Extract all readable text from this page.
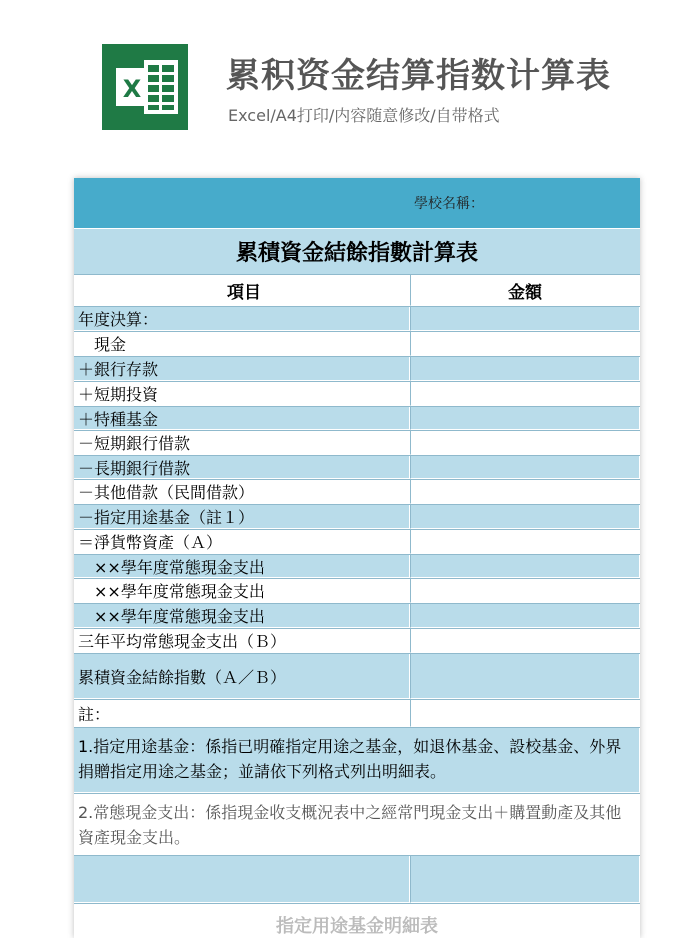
X 累积资金结算指数计算表
Excel/A4打印/内容随意修改/自带格式
學校名稱：
累積資金結餘指數計算表
項目	金額
年度決算：
　現金
＋銀行存款
＋短期投資
＋特種基金
－短期銀行借款
－長期銀行借款
－其他借款（民間借款）
－指定用途基金（註１）
＝淨貨幣資產（Ａ）
　××學年度常態現金支出
　××學年度常態現金支出
　××學年度常態現金支出
三年平均常態現金支出（Ｂ）
累積資金結餘指數（Ａ／Ｂ）
註：
1.指定用途基金：係指已明確指定用途之基金，如退休基金、設校基金、外界捐贈指定用途之基金；並請依下列格式列出明細表。
2.常態現金支出：係指現金收支概況表中之經常門現金支出＋購置動產及其他資產現金支出。
指定用途基金明細表
